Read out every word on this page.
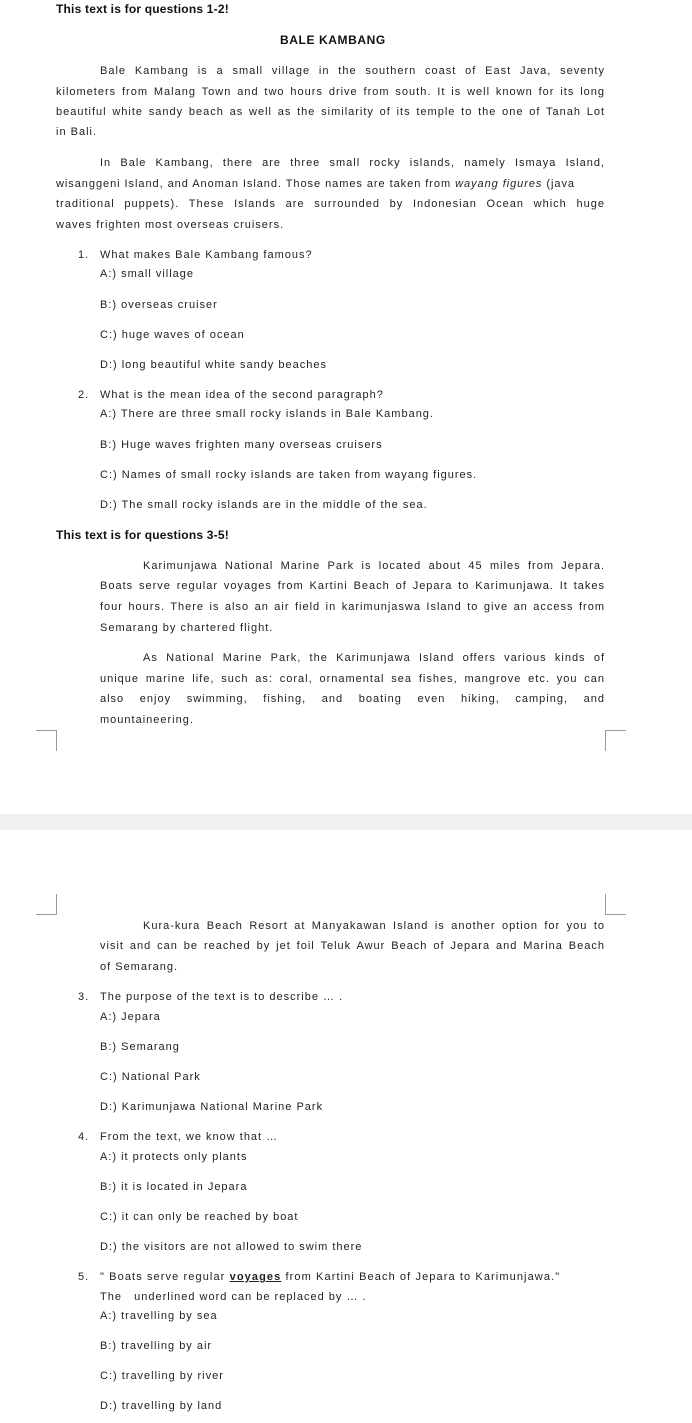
This text is for questions 1-2!
BALE KAMBANG
Bale Kambang is a small village in the southern coast of East Java, seventy
kilometers from Malang Town and two hours drive from south. It is well known for its long
beautiful white sandy beach as well as the similarity of its temple to the one of Tanah Lot
in Bali.
In Bale Kambang, there are three small rocky islands, namely Ismaya Island,
wisanggeni Island, and Anoman Island. Those names are taken from wayang figures (java
traditional puppets). These Islands are surrounded by Indonesian Ocean which huge
waves frighten most overseas cruisers.
1. What makes Bale Kambang famous?
A:) small village
B:) overseas cruiser
C:) huge waves of ocean
D:) long beautiful white sandy beaches
2. What is the mean idea of the second paragraph?
A:) There are three small rocky islands in Bale Kambang.
B:) Huge waves frighten many overseas cruisers
C:) Names of small rocky islands are taken from wayang figures.
D:) The small rocky islands are in the middle of the sea.
This text is for questions 3-5!
Karimunjawa National Marine Park is located about 45 miles from Jepara.
Boats serve regular voyages from Kartini Beach of Jepara to Karimunjawa. It takes
four hours. There is also an air field in karimunjaswa Island to give an access from
Semarang by chartered flight.
As National Marine Park, the Karimunjawa Island offers various kinds of
unique marine life, such as: coral, ornamental sea fishes, mangrove etc. you can
also enjoy swimming, fishing, and boating even hiking, camping, and
mountaineering.
Kura-kura Beach Resort at Manyakawan Island is another option for you to
visit and can be reached by jet foil Teluk Awur Beach of Jepara and Marina Beach
of Semarang.
3. The purpose of the text is to describe … .
A:) Jepara
B:) Semarang
C:) National Park
D:) Karimunjawa National Marine Park
4. From the text, we know that …
A:) it protects only plants
B:) it is located in Jepara
C:) it can only be reached by boat
D:) the visitors are not allowed to swim there
5. " Boats serve regular voyages from Kartini Beach of Jepara to Karimunjawa."
The   underlined word can be replaced by … .
A:) travelling by sea
B:) travelling by air
C:) travelling by river
D:) travelling by land
